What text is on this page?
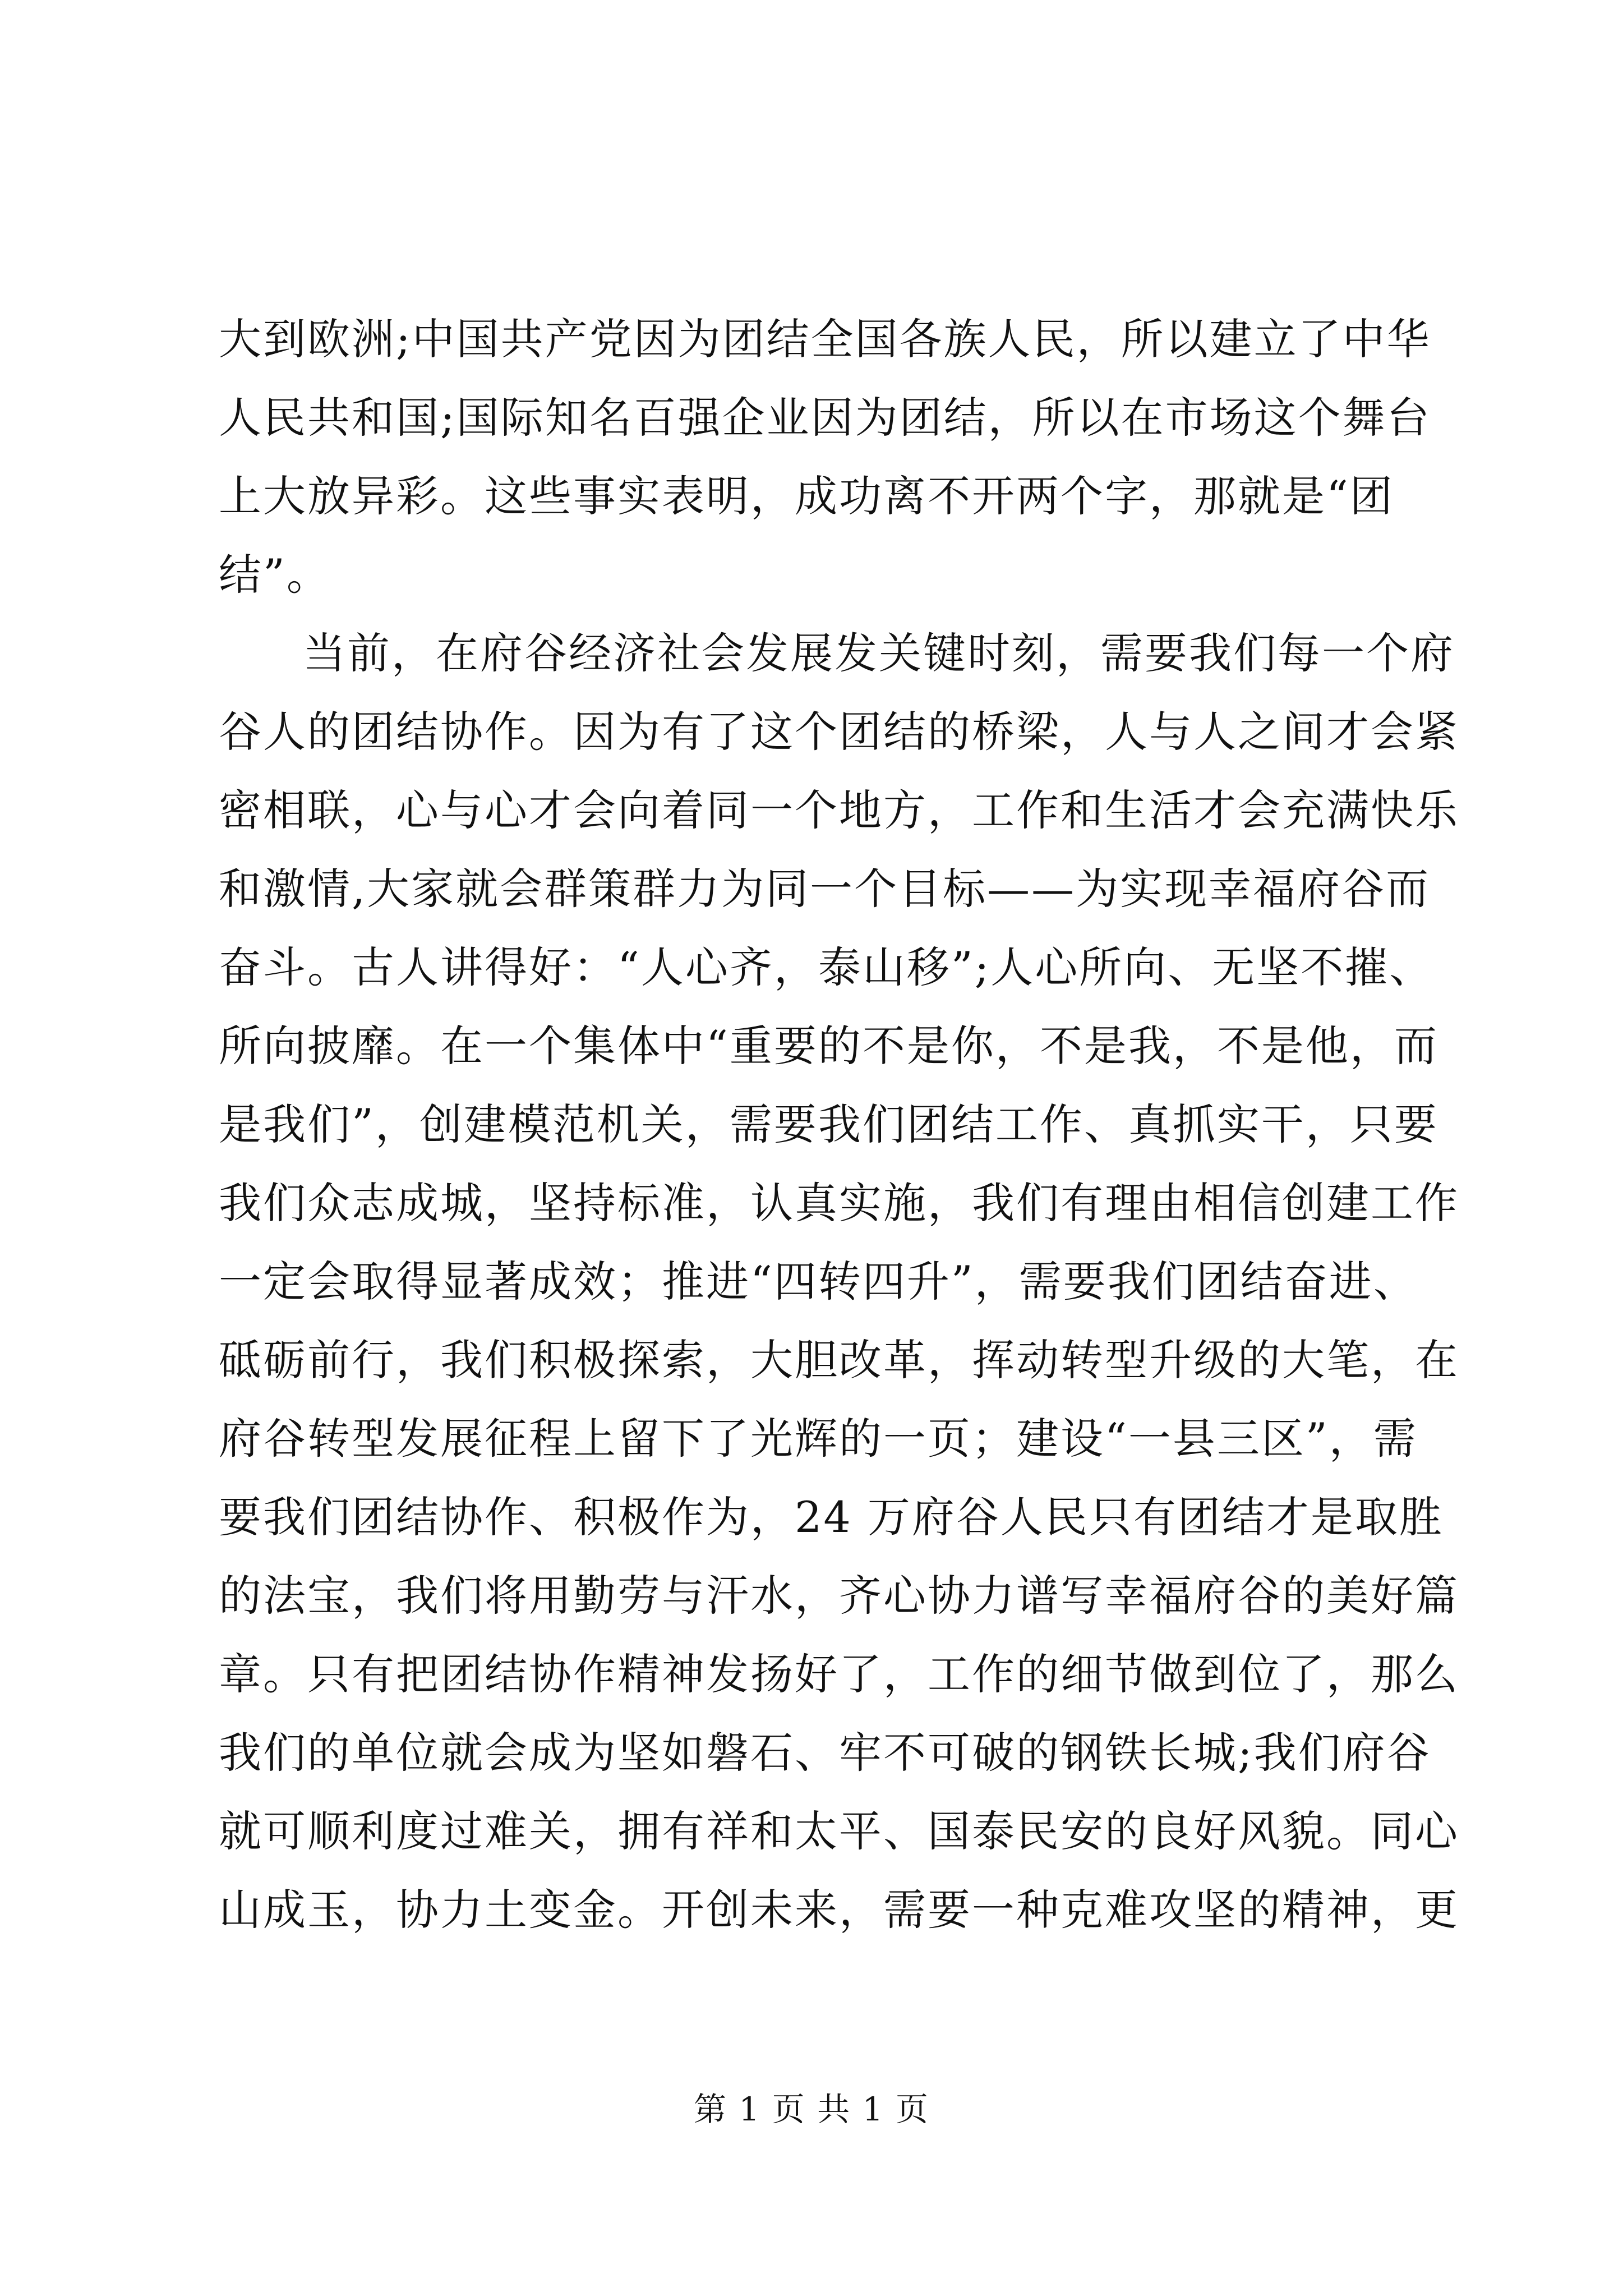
大到欧洲;中国共产党因为团结全国各族人民，所以建立了中华
人民共和国;国际知名百强企业因为团结，所以在市场这个舞台
上大放异彩。这些事实表明，成功离不开两个字，那就是“团
结”。
当前，在府谷经济社会发展发关键时刻，需要我们每一个府
谷人的团结协作。因为有了这个团结的桥梁，人与人之间才会紧
密相联，心与心才会向着同一个地方，工作和生活才会充满快乐
和激情,大家就会群策群力为同一个目标——为实现幸福府谷而
奋斗。古人讲得好：“人心齐，泰山移”;人心所向、无坚不摧、
所向披靡。在一个集体中“重要的不是你，不是我，不是他，而
是我们”，创建模范机关，需要我们团结工作、真抓实干，只要
我们众志成城，坚持标准，认真实施，我们有理由相信创建工作
一定会取得显著成效；推进“四转四升”，需要我们团结奋进、
砥砺前行，我们积极探索，大胆改革，挥动转型升级的大笔，在
府谷转型发展征程上留下了光辉的一页；建设“一县三区”，需
要我们团结协作、积极作为，24 万府谷人民只有团结才是取胜
的法宝，我们将用勤劳与汗水，齐心协力谱写幸福府谷的美好篇
章。只有把团结协作精神发扬好了，工作的细节做到位了，那么
我们的单位就会成为坚如磐石、牢不可破的钢铁长城;我们府谷
就可顺利度过难关，拥有祥和太平、国泰民安的良好风貌。同心
山成玉，协力土变金。开创未来，需要一种克难攻坚的精神，更
第 1 页 共 1 页
